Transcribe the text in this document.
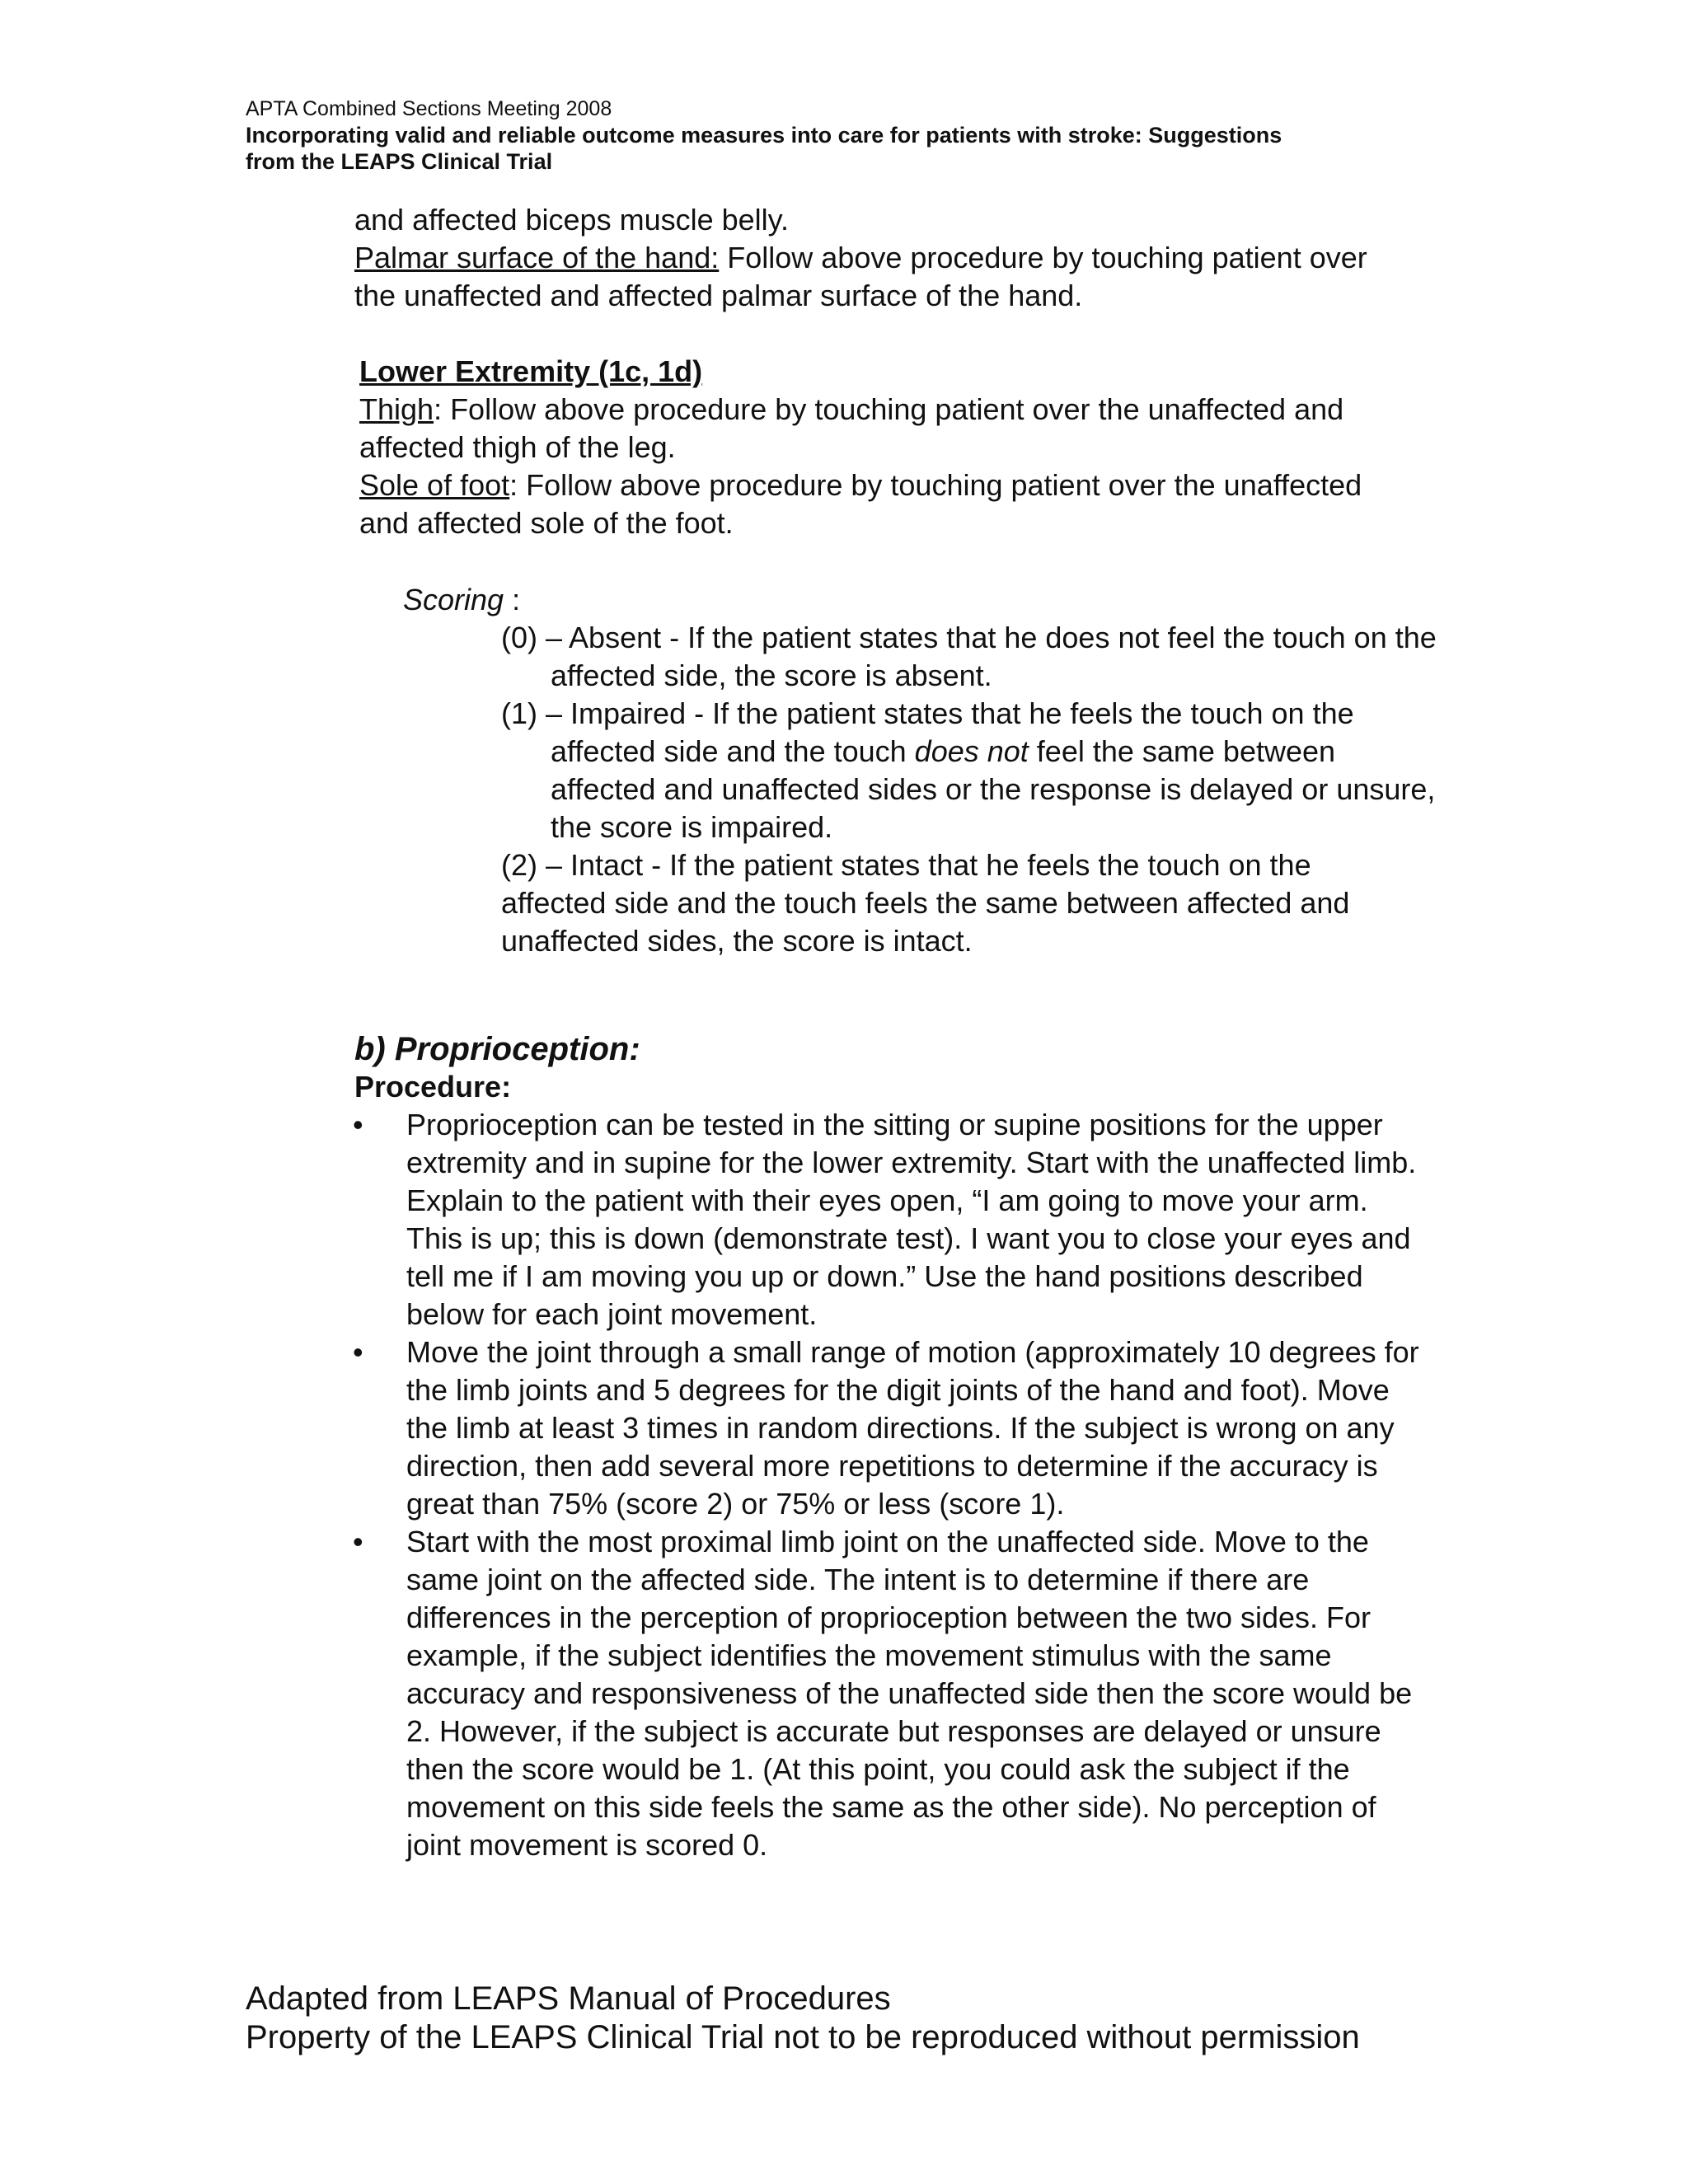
APTA Combined Sections Meeting 2008
Incorporating valid and reliable outcome measures into care for patients with stroke: Suggestions
from the LEAPS Clinical Trial
and affected biceps muscle belly.
Palmar surface of the hand: Follow above procedure by touching patient over
the unaffected and affected palmar surface of the hand.
Lower Extremity (1c, 1d)
Thigh: Follow above procedure by touching patient over the unaffected and
affected thigh of the leg.
Sole of foot: Follow above procedure by touching patient over the unaffected
and affected sole of the foot.
Scoring :
(0) – Absent - If the patient states that he does not feel the touch on the affected side, the score is absent.
(1) – Impaired - If the patient states that he feels the touch on the affected side and the touch does not feel the same between affected and unaffected sides or the response is delayed or unsure, the score is impaired.
(2) – Intact - If the patient states that he feels the touch on the
affected side and the touch feels the same between affected and
unaffected sides, the score is intact.
b) Proprioception:
Procedure:
• Proprioception can be tested in the sitting or supine positions for the upper extremity and in supine for the lower extremity. Start with the unaffected limb. Explain to the patient with their eyes open, “I am going to move your arm. This is up; this is down (demonstrate test). I want you to close your eyes and tell me if I am moving you up or down.” Use the hand positions described below for each joint movement.
• Move the joint through a small range of motion (approximately 10 degrees for the limb joints and 5 degrees for the digit joints of the hand and foot). Move the limb at least 3 times in random directions. If the subject is wrong on any direction, then add several more repetitions to determine if the accuracy is great than 75% (score 2) or 75% or less (score 1).
• Start with the most proximal limb joint on the unaffected side. Move to the same joint on the affected side. The intent is to determine if there are differences in the perception of proprioception between the two sides. For example, if the subject identifies the movement stimulus with the same accuracy and responsiveness of the unaffected side then the score would be 2. However, if the subject is accurate but responses are delayed or unsure then the score would be 1. (At this point, you could ask the subject if the movement on this side feels the same as the other side). No perception of joint movement is scored 0.
Adapted from LEAPS Manual of Procedures
Property of the LEAPS Clinical Trial not to be reproduced without permission
